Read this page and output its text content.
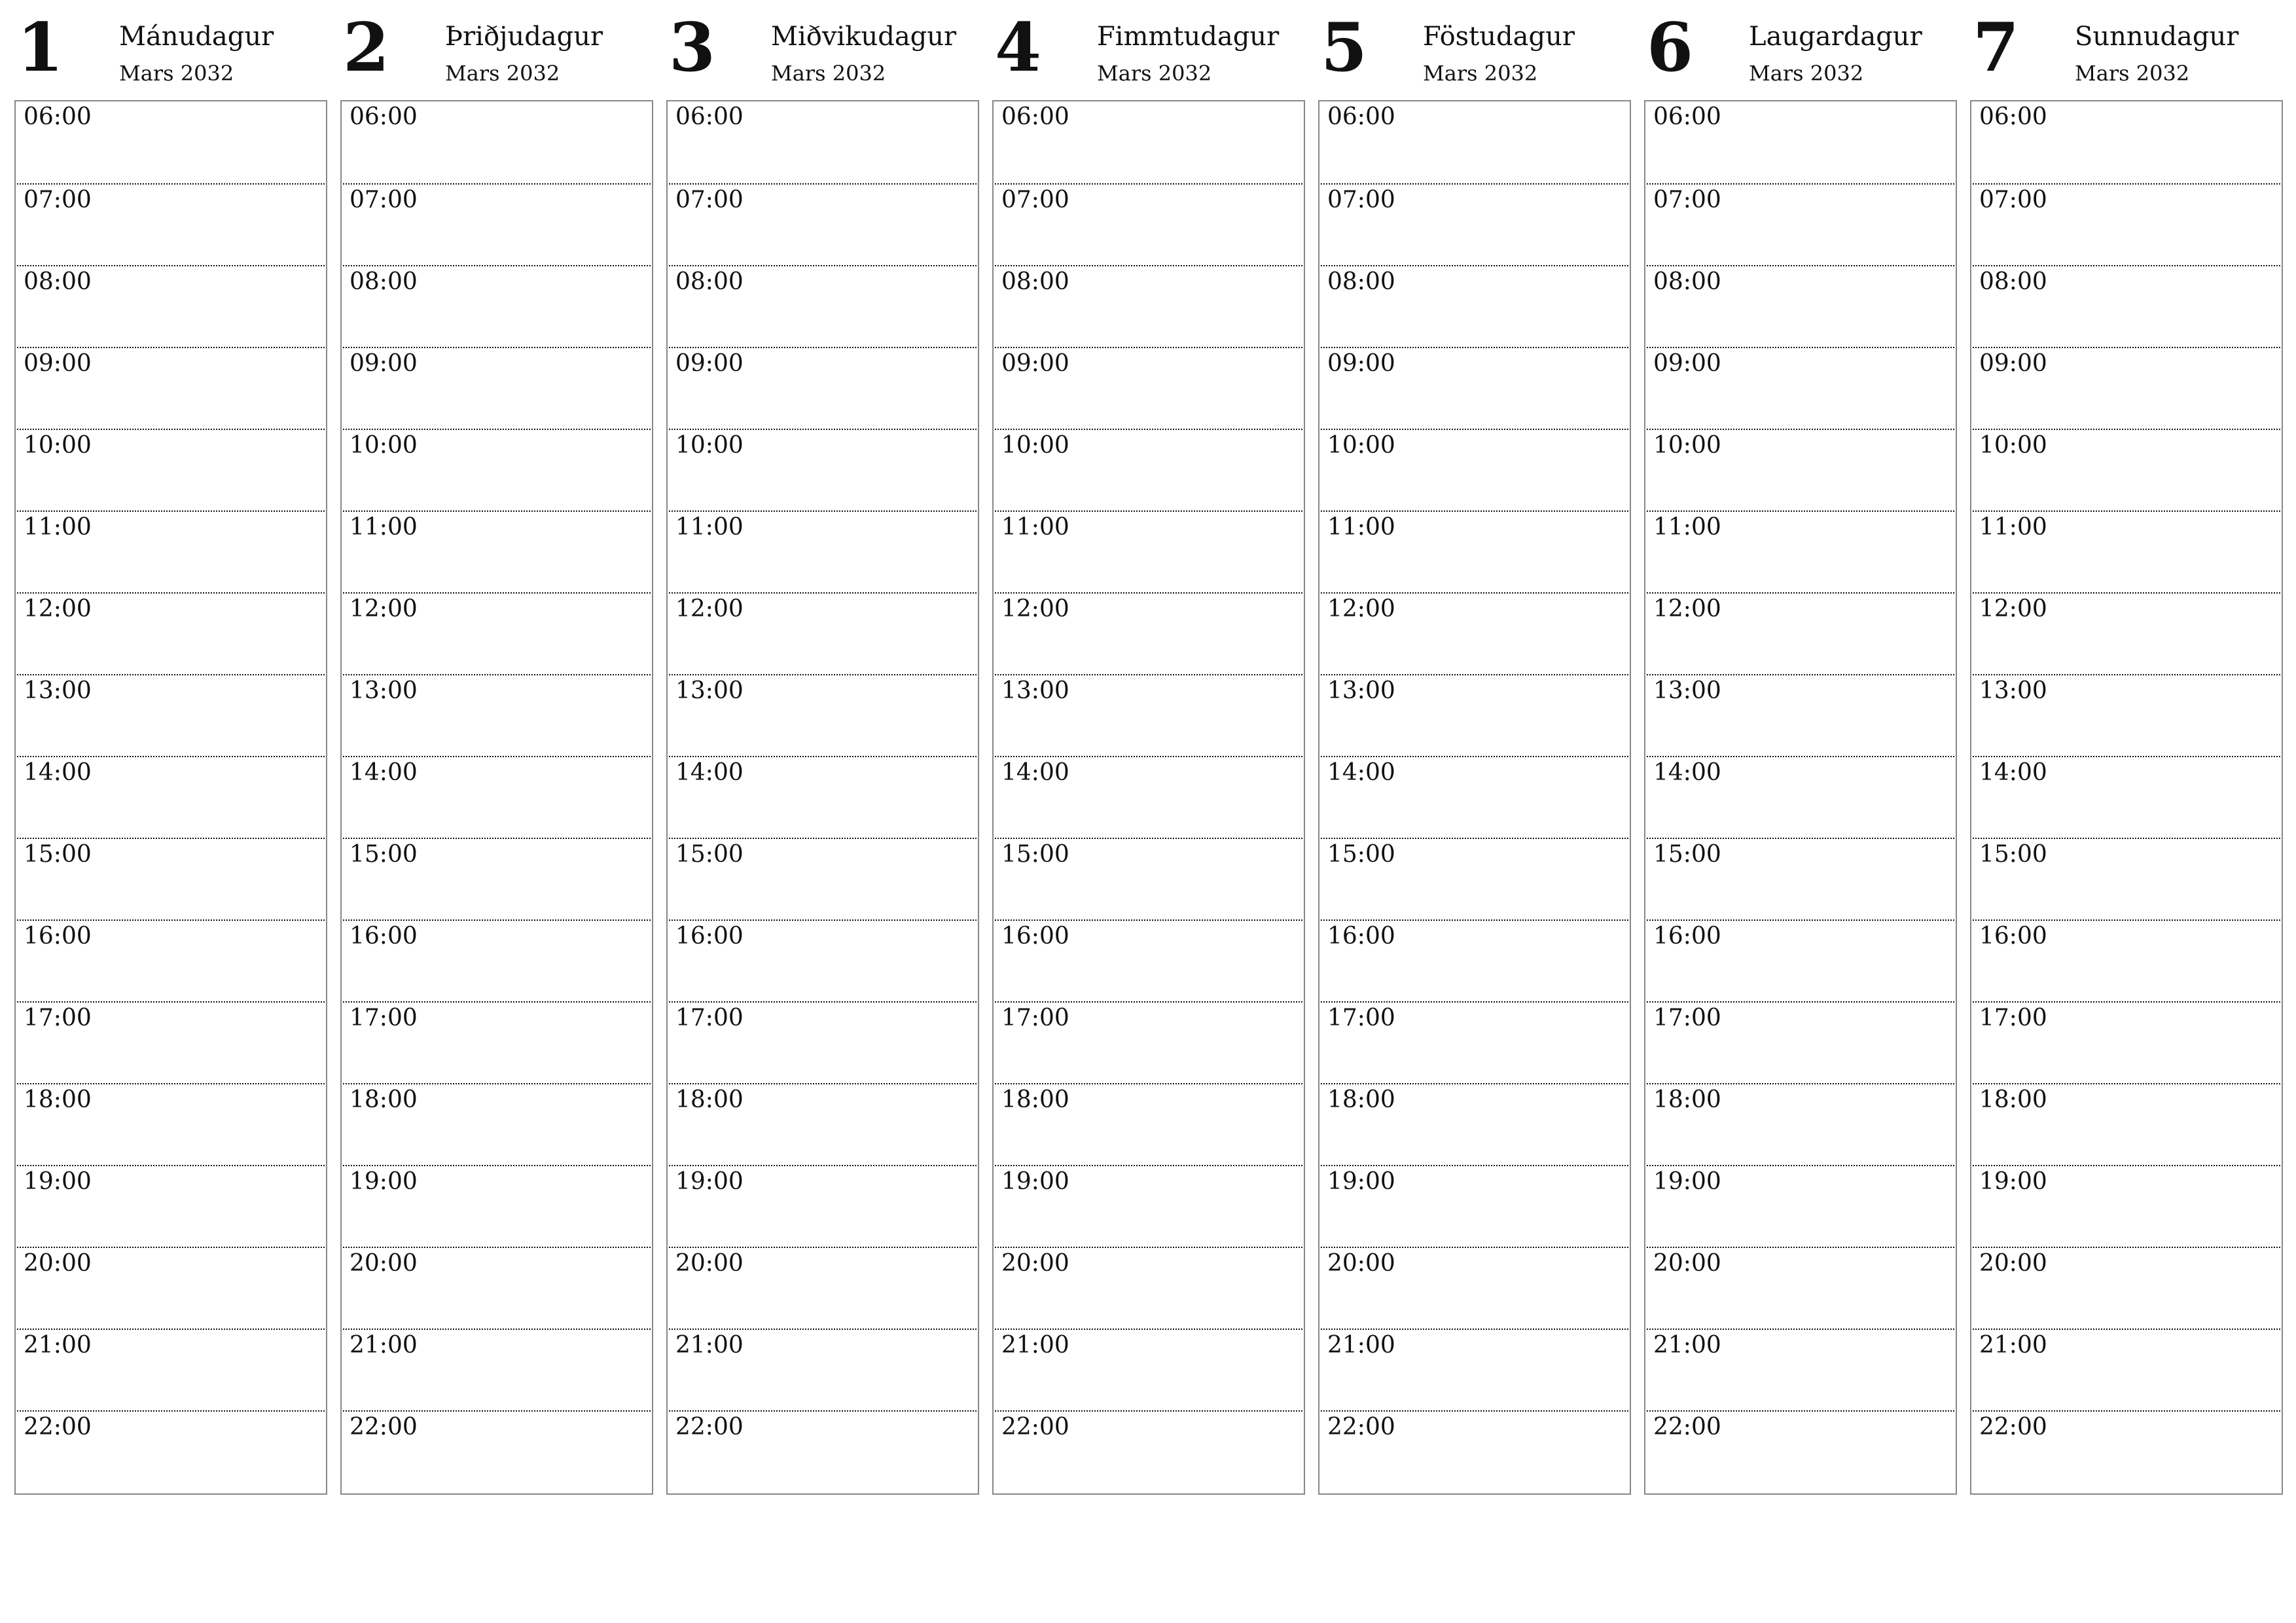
1 Mánudagur
Mars 2032
06:00
07:00
08:00
09:00
10:00
11:00
12:00
13:00
14:00
15:00
16:00
17:00
18:00
19:00
20:00
21:00
22:00
2 Þriðjudagur
Mars 2032
06:00
07:00
08:00
09:00
10:00
11:00
12:00
13:00
14:00
15:00
16:00
17:00
18:00
19:00
20:00
21:00
22:00
3 Miðvikudagur
Mars 2032
06:00
07:00
08:00
09:00
10:00
11:00
12:00
13:00
14:00
15:00
16:00
17:00
18:00
19:00
20:00
21:00
22:00
4 Fimmtudagur
Mars 2032
06:00
07:00
08:00
09:00
10:00
11:00
12:00
13:00
14:00
15:00
16:00
17:00
18:00
19:00
20:00
21:00
22:00
5 Föstudagur
Mars 2032
06:00
07:00
08:00
09:00
10:00
11:00
12:00
13:00
14:00
15:00
16:00
17:00
18:00
19:00
20:00
21:00
22:00
6 Laugardagur
Mars 2032
06:00
07:00
08:00
09:00
10:00
11:00
12:00
13:00
14:00
15:00
16:00
17:00
18:00
19:00
20:00
21:00
22:00
7 Sunnudagur
Mars 2032
06:00
07:00
08:00
09:00
10:00
11:00
12:00
13:00
14:00
15:00
16:00
17:00
18:00
19:00
20:00
21:00
22:00
